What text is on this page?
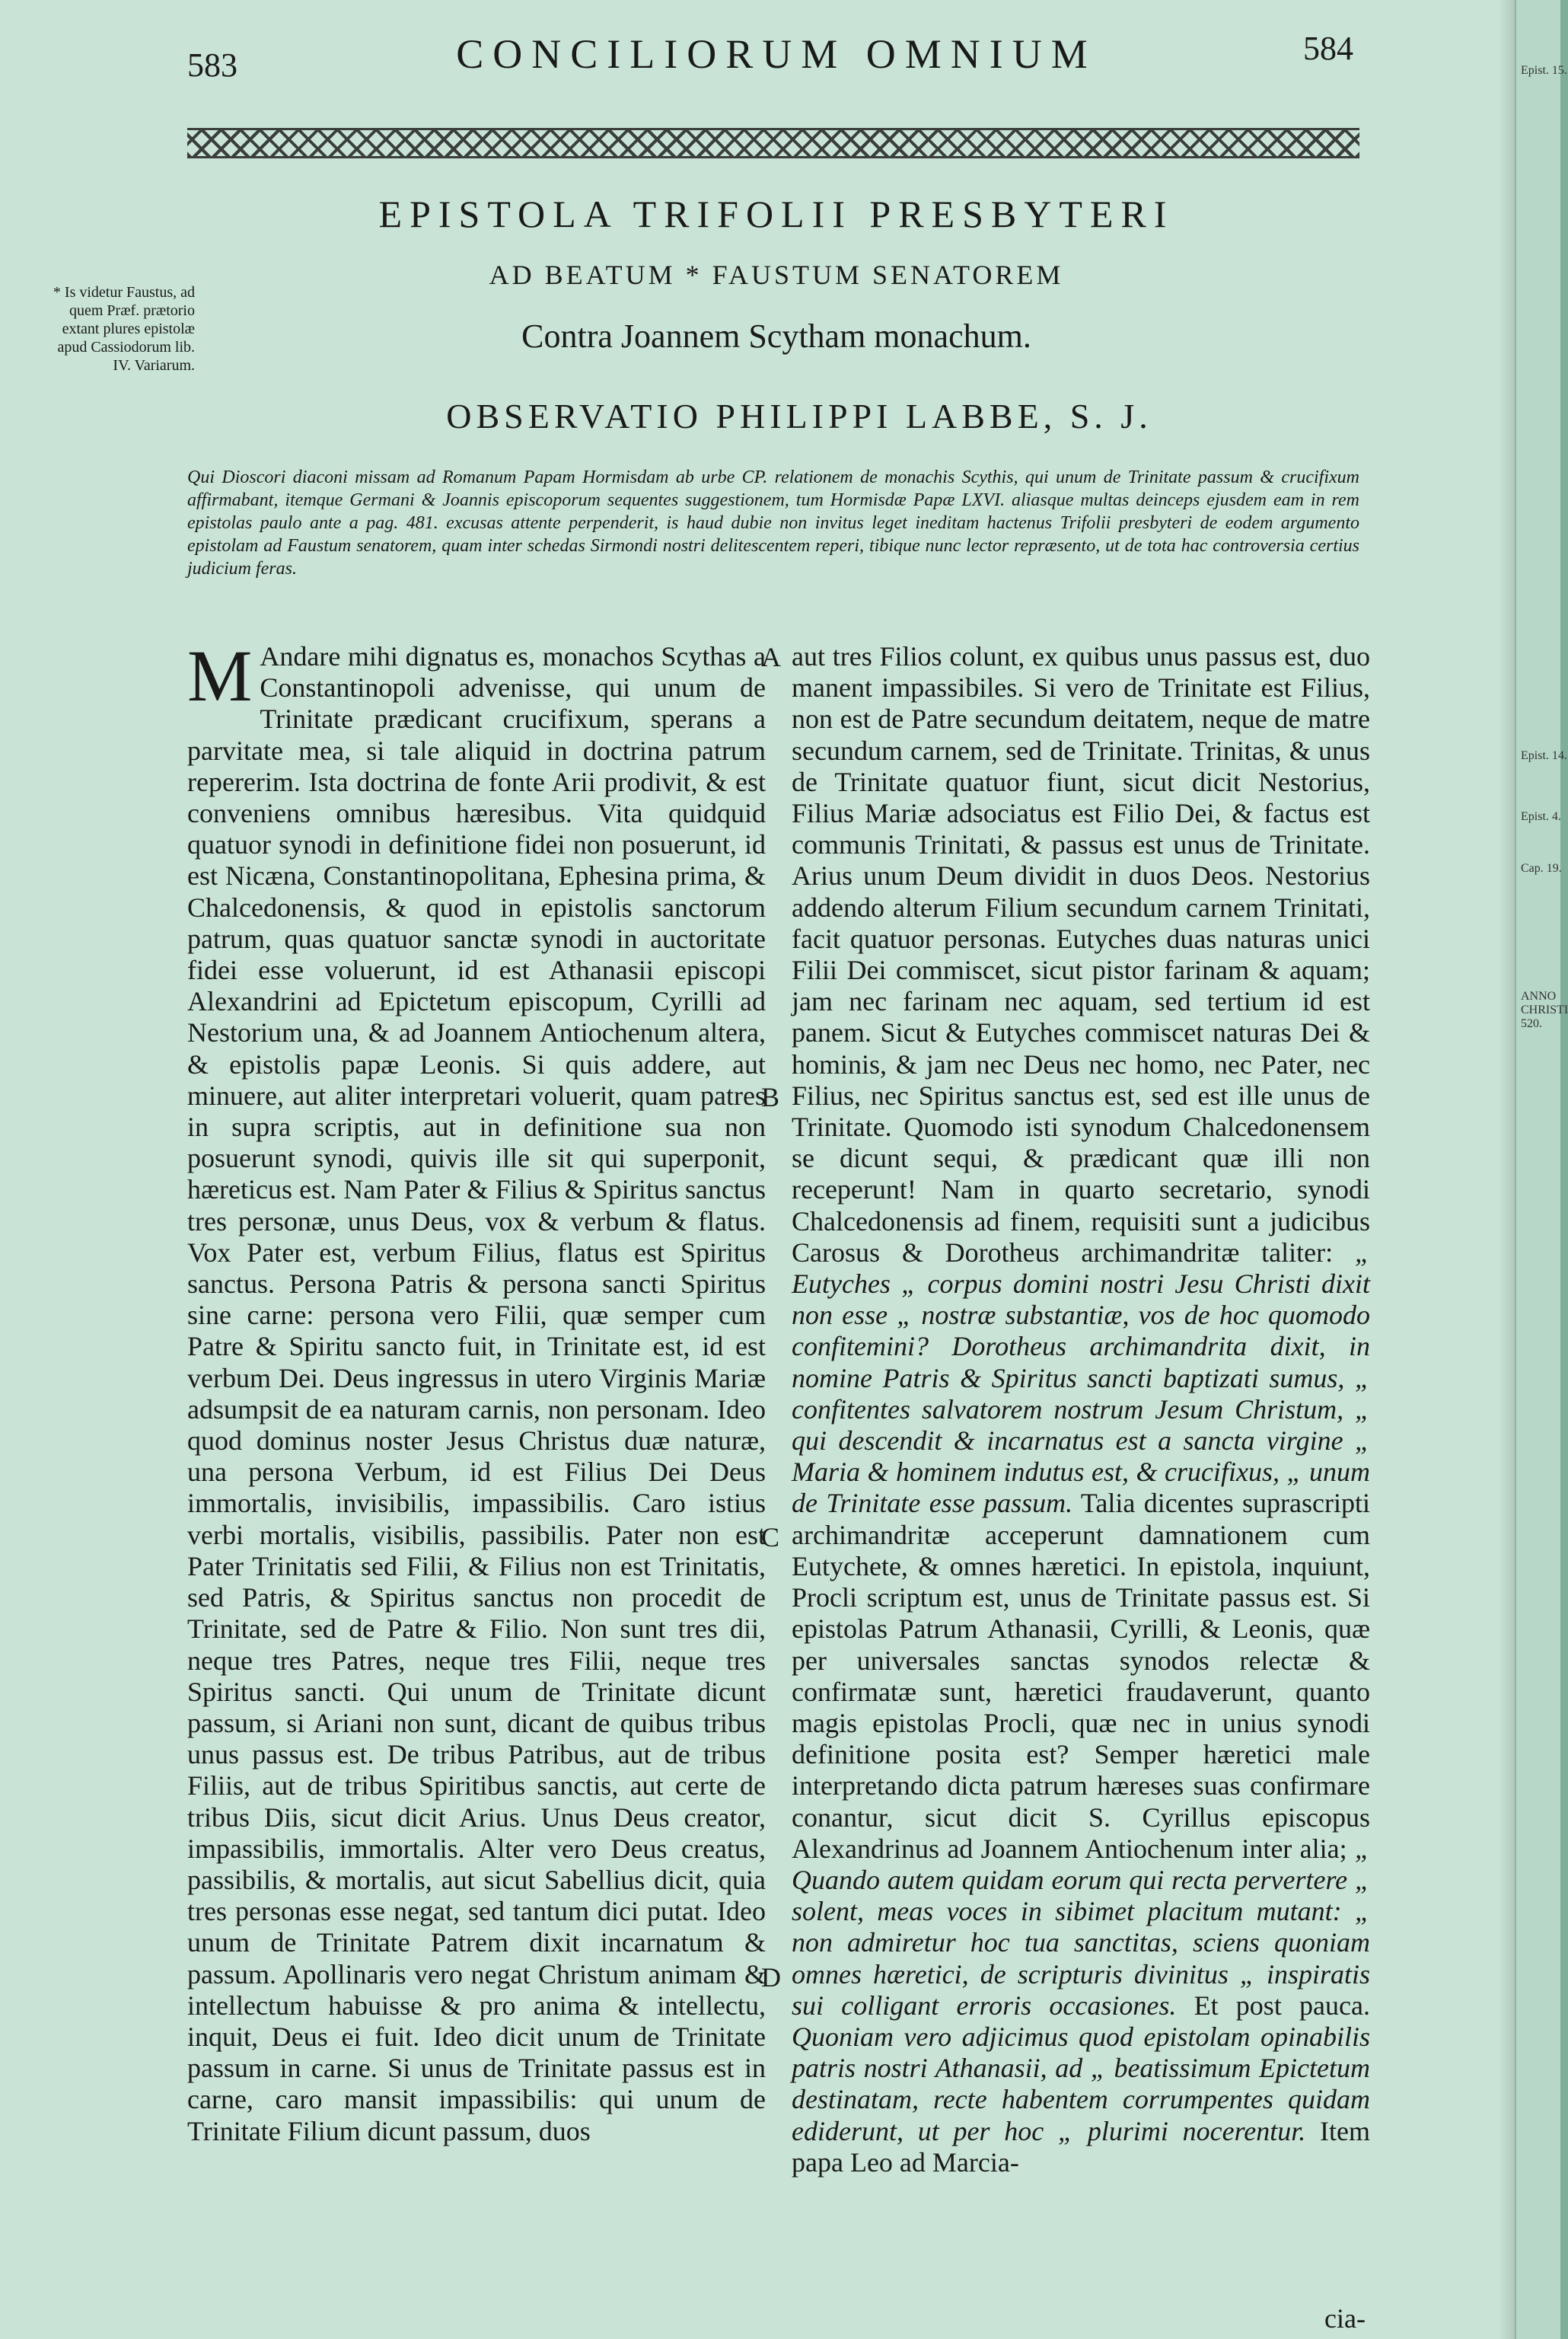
583	CONCILIORUM OMNIUM	584
EPISTOLA TRIFOLII PRESBYTERI
AD BEATUM * FAUSTUM SENATOREM
Contra Joannem Scytham monachum.
OBSERVATIO PHILIPPI LABBE, S. J.
* Is videtur Faustus, ad quem Præf. prætorio extant plures epistolæ apud Cassiodorum lib. IV. Variarum.
Qui Dioscori diaconi missam ad Romanum Papam Hormisdam ab urbe CP. relationem de monachis Scythis, qui unum de Trinitate passum & crucifixum affirmabant, itemque Germani & Joannis episcoporum sequentes suggestionem, tum Hormisdæ Papæ LXVI. aliasque multas deinceps ejusdem eam in rem epistolas paulo ante a pag. 481. excusas attente perpenderit, is haud dubie non invitus leget ineditam hactenus Trifolii presbyteri de eodem argumento epistolam ad Faustum senatorem, quam inter schedas Sirmondi nostri delitescentem reperi, tibique nunc lector repræsento, ut de tota hac controversia certius judicium feras.

M Andare mihi dignatus es, monachos Scythas a Constantinopoli advenisse, qui unum de Trinitate prædicant crucifixum, sperans a parvitate mea, si tale aliquid in doctrina patrum repererim. Ista doctrina de fonte Arii prodivit, & est conveniens omnibus hæresibus. Vita quidquid quatuor synodi in definitione fidei non posuerunt, id est Nicæna, Constantinopolitana, Ephesina prima, & Chalcedonensis, & quod in epistolis sanctorum patrum, quas quatuor sanctæ synodi in auctoritate fidei esse voluerunt, id est Athanasii episcopi Alexandrini ad Epictetum episcopum, Cyrilli ad Nestorium una, & ad Joannem Antiochenum altera, & epistolis papæ Leonis. Si quis addere, aut minuere, aut aliter interpretari voluerit, quam patres in supra scriptis, aut in definitione sua non posuerunt synodi, quivis ille sit qui superponit, hæreticus est. Nam Pater & Filius & Spiritus sanctus tres personæ, unus Deus, vox & verbum & flatus. Vox Pater est, verbum Filius, flatus est Spiritus sanctus. Persona Patris & persona sancti Spiritus sine carne: persona vero Filii, quæ semper cum Patre & Spiritu sancto fuit, in Trinitate est, id est verbum Dei. Deus ingressus in utero Virginis Mariæ adsumpsit de ea naturam carnis, non personam. Ideo quod dominus noster Jesus Christus duæ naturæ, una persona Verbum, id est Filius Dei Deus immortalis, invisibilis, impassibilis. Caro istius verbi mortalis, visibilis, passibilis. Pater non est Pater Trinitatis sed Filii, & Filius non est Trinitatis, sed Patris, & Spiritus sanctus non procedit de Trinitate, sed de Patre & Filio. Non sunt tres dii, neque tres Patres, neque tres Filii, neque tres Spiritus sancti. Qui unum de Trinitate dicunt passum, si Ariani non sunt, dicant de quibus tribus unus passus est. De tribus Patribus, aut de tribus Filiis, aut de tribus Spiritibus sanctis, aut certe de tribus Diis, sicut dicit Arius. Unus Deus creator, impassibilis, immortalis. Alter vero Deus creatus, passibilis, & mortalis, aut sicut Sabellius dicit, quia tres personas esse negat, sed tantum dici putat. Ideo unum de Trinitate Patrem dixit incarnatum & passum. Apollinaris vero negat Christum animam & intellectum habuisse & pro anima & intellectu, inquit, Deus ei fuit. Ideo dicit unum de Trinitate passum in carne. Si unus de Trinitate passus est in carne, caro mansit impassibilis: qui unum de Trinitate Filium dicunt passum, duos

A
B
C
D

aut tres Filios colunt, ex quibus unus passus est, duo manent impassibiles. Si vero de Trinitate est Filius, non est de Patre secundum deitatem, neque de matre secundum carnem, sed de Trinitate. Trinitas, & unus de Trinitate quatuor fiunt, sicut dicit Nestorius, Filius Mariæ adsociatus est Filio Dei, & factus est communis Trinitati, & passus est unus de Trinitate. Arius unum Deum dividit in duos Deos. Nestorius addendo alterum Filium secundum carnem Trinitati, facit quatuor personas. Eutyches duas naturas unici Filii Dei commiscet, sicut pistor farinam & aquam; jam nec farinam nec aquam, sed tertium id est panem. Sicut & Eutyches commiscet naturas Dei & hominis, & jam nec Deus nec homo, nec Pater, nec Filius, nec Spiritus sanctus est, sed est ille unus de Trinitate. Quomodo isti synodum Chalcedonensem se dicunt sequi, & prædicant quæ illi non receperunt! Nam in quarto secretario, synodi Chalcedonensis ad finem, requisiti sunt a judicibus Carosus & Dorotheus archimandritæ taliter: „ Eutyches „ corpus domini nostri Jesu Christi dixit non esse „ nostræ substantiæ, vos de hoc quomodo confitemini? Dorotheus archimandrita dixit, in nomine Patris & Spiritus sancti baptizati sumus, „ confitentes salvatorem nostrum Jesum Christum, „ qui descendit & incarnatus est a sancta virgine „ Maria & hominem indutus est, & crucifixus, „ unum de Trinitate esse passum. Talia dicentes suprascripti archimandritæ acceperunt damnationem cum Eutychete, & omnes hæretici. In epistola, inquiunt, Procli scriptum est, unus de Trinitate passus est. Si epistolas Patrum Athanasii, Cyrilli, & Leonis, quæ per universales sanctas synodos relectæ & confirmatæ sunt, hæretici fraudaverunt, quanto magis epistolas Procli, quæ nec in unius synodi definitione posita est? Semper hæretici male interpretando dicta patrum hæreses suas confirmare conantur, sicut dicit S. Cyrillus episcopus Alexandrinus ad Joannem Antiochenum inter alia; „ Quando autem quidam eorum qui recta pervertere „ solent, meas voces in sibimet placitum mutant: „ non admiretur hoc tua sanctitas, sciens quoniam omnes hæretici, de scripturis divinitus „ inspiratis sui colligant erroris occasiones. Et post pauca. Quoniam vero adjicimus quod epistolam opinabilis patris nostri Athanasii, ad „ beatissimum Epictetum destinatam, recte habentem corrumpentes quidam ediderunt, ut per hoc „ plurimi nocerentur. Item papa Leo ad Marcia-

cia-
Epist. 15.
Epist. 14.
Epist. 4.
Cap. 19.
ANNO CHRISTI 520.
